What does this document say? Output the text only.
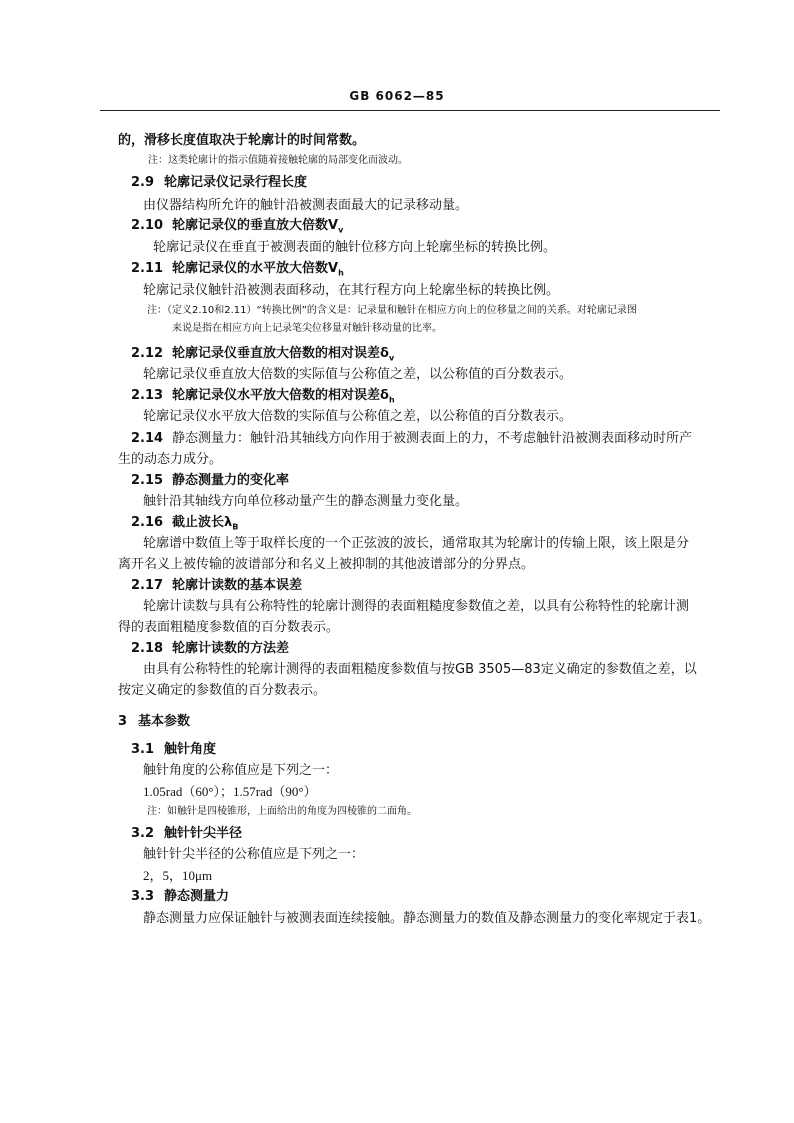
GB 6062—85
的，滑移长度值取决于轮廓计的时间常数。
注：这类轮廓计的指示值随着接触轮廓的局部变化而波动。
2.9 轮廓记录仪记录行程长度
由仪器结构所允许的触针沿被测表面最大的记录移动量。
2.10 轮廓记录仪的垂直放大倍数$V_v$
轮廓记录仪在垂直于被测表面的触针位移方向上轮廓坐标的转换比例。
2.11 轮廓记录仪的水平放大倍数$V_h$
轮廓记录仪触针沿被测表面移动，在其行程方向上轮廓坐标的转换比例。
注：（定义2.10和2.11）“转换比例”的含义是：记录量和触针在相应方向上的位移量之间的关系。对轮廓记录图
来说是指在相应方向上记录笔尖位移量对触针移动量的比率。
2.12 轮廓记录仪垂直放大倍数的相对误差$\delta_v$
轮廓记录仪垂直放大倍数的实际值与公称值之差，以公称值的百分数表示。
2.13 轮廓记录仪水平放大倍数的相对误差$\delta_h$
轮廓记录仪水平放大倍数的实际值与公称值之差，以公称值的百分数表示。
2.14 静态测量力：触针沿其轴线方向作用于被测表面上的力，不考虑触针沿被测表面移动时所产
生的动态力成分。
2.15 静态测量力的变化率
触针沿其轴线方向单位移动量产生的静态测量力变化量。
2.16 截止波长$\lambda_B$
轮廓谱中数值上等于取样长度的一个正弦波的波长，通常取其为轮廓计的传输上限，该上限是分
离开名义上被传输的波谱部分和名义上被抑制的其他波谱部分的分界点。
2.17 轮廓计读数的基本误差
轮廓计读数与具有公称特性的轮廓计测得的表面粗糙度参数值之差，以具有公称特性的轮廓计测
得的表面粗糙度参数值的百分数表示。
2.18 轮廓计读数的方法差
由具有公称特性的轮廓计测得的表面粗糙度参数值与按GB 3505—83定义确定的参数值之差，以
按定义确定的参数值的百分数表示。
3 基本参数
3.1 触针角度
触针角度的公称值应是下列之一：
1.05rad（60°）；1.57rad（90°）
注：如触针是四棱锥形，上面给出的角度为四棱锥的二面角。
3.2 触针针尖半径
触针针尖半径的公称值应是下列之一：
2，5，10μm
3.3 静态测量力
静态测量力应保证触针与被测表面连续接触。静态测量力的数值及静态测量力的变化率规定于表1。
